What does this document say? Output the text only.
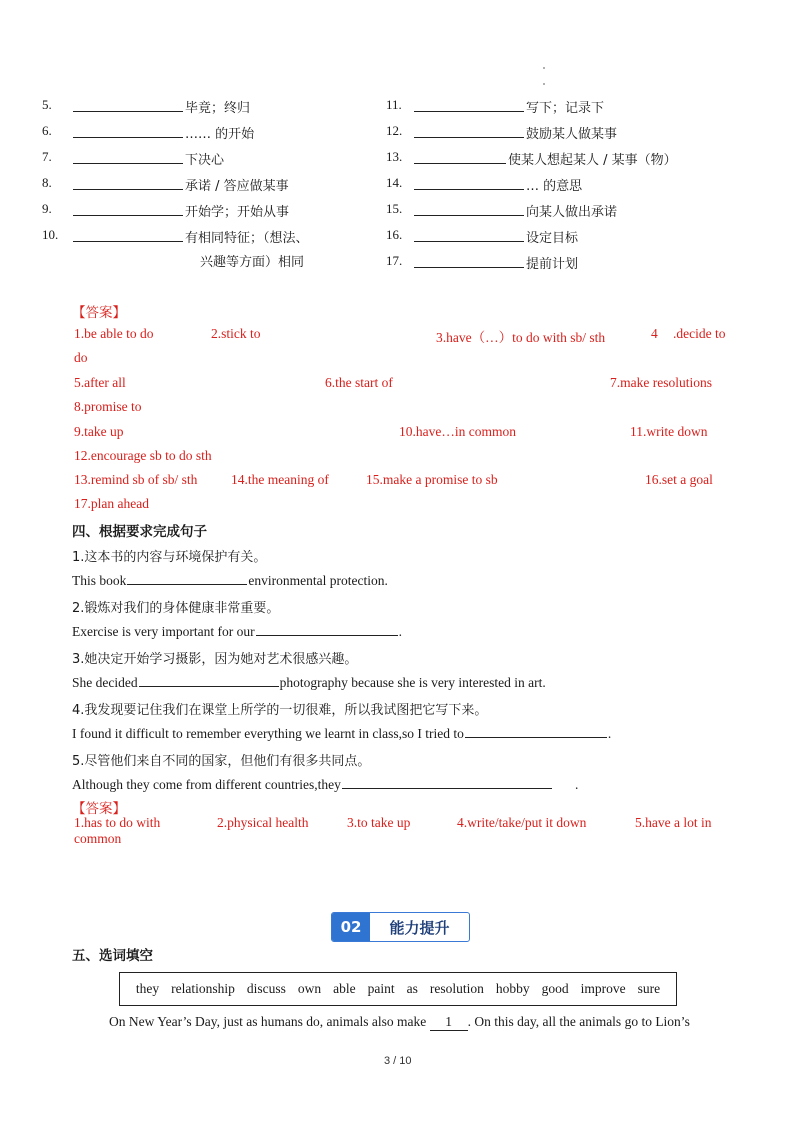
5.	毕竟；终归
6.	…… 的开始
7.	下决心
8.	承诺 / 答应做某事
9.	开始学；开始从事
10.	有相同特征；（想法、
兴趣等方面）相同
11.	写下；记录下
12.	鼓励某人做某事
13.	使某人想起某人 / 某事（物）
14.	… 的意思
15.	向某人做出承诺
16.	设定目标
17.	提前计划
【答案】
1.be able to do	2.stick to	3.have（…）to do with sb/ sth	4 .decide to
do
5.after all	6.the start of	7.make resolutions
8.promise to
9.take up	10.have…in common	11.write down
12.encourage sb to do sth
13.remind sb of sb/ sth 14.the meaning of	15.make a promise to sb	16.set a goal
17.plan ahead
四、根据要求完成句子
1.这本书的内容与环境保护有关。
This book	environmental protection.
2.锻炼对我们的身体健康非常重要。
Exercise is very important for our	.
3.她决定开始学习摄影，因为她对艺术很感兴趣。
She decided	photography because she is very interested in art.
4.我发现要记住我们在课堂上所学的一切很难，所以我试图把它写下来。
I found it difficult to remember everything we learnt in class,so I tried to	.
5.尽管他们来自不同的国家，但他们有很多共同点。
Although they come from different countries,they	.
【答案】
1.has to do with	2.physical health	3.to take up	4.write/take/put it down	5.have a lot in
common
02	能力提升
五、选词填空
they relationship discuss own able paint as resolution hobby good improve sure
On New Year’s Day, just as humans do, animals also make 1 . On this day, all the animals go to Lion’s
3 / 10
